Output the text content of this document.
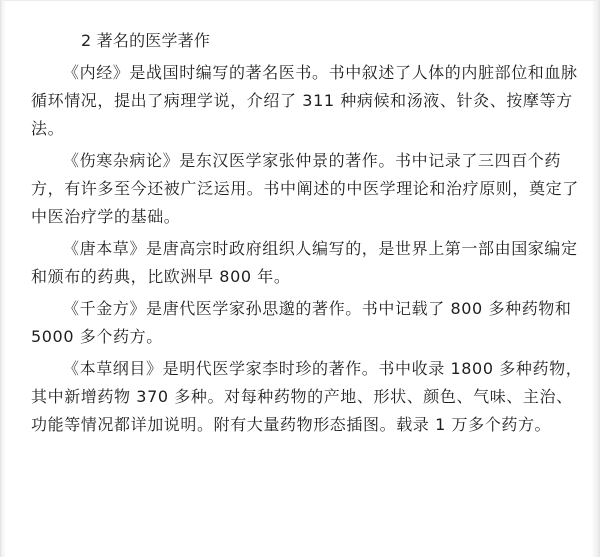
2 著名的医学著作

《内经》是战国时编写的著名医书。书中叙述了人体的内脏部位和血脉循环情况，提出了病理学说，介绍了 311 种病候和汤液、针灸、按摩等方法。

《伤寒杂病论》是东汉医学家张仲景的著作。书中记录了三四百个药方，有许多至今还被广泛运用。书中阐述的中医学理论和治疗原则，奠定了中医治疗学的基础。

《唐本草》是唐高宗时政府组织人编写的，是世界上第一部由国家编定和颁布的药典，比欧洲早 800 年。

《千金方》是唐代医学家孙思邈的著作。书中记载了 800 多种药物和 5000 多个药方。

《本草纲目》是明代医学家李时珍的著作。书中收录 1800 多种药物，其中新增药物 370 多种。对每种药物的产地、形状、颜色、气味、主治、功能等情况都详加说明。附有大量药物形态插图。载录 1 万多个药方。
